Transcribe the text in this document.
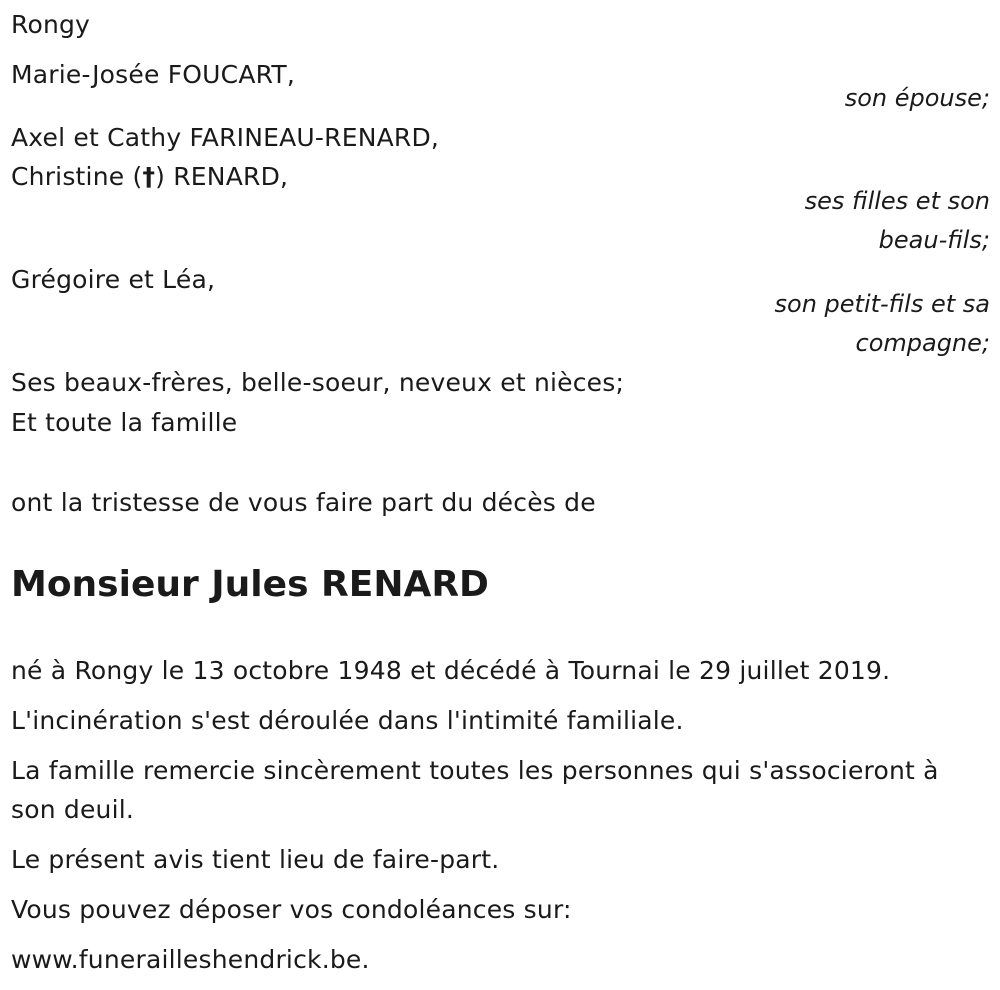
Rongy
Marie-Josée FOUCART,
son épouse;
Axel et Cathy FARINEAU-RENARD,
Christine (†) RENARD,
ses filles et son
beau-fils;
Grégoire et Léa,
son petit-fils et sa
compagne;
Ses beaux-frères, belle-soeur, neveux et nièces;
Et toute la famille
ont la tristesse de vous faire part du décès de
Monsieur Jules RENARD
né à Rongy le 13 octobre 1948 et décédé à Tournai le 29 juillet 2019.
L'incinération s'est déroulée dans l'intimité familiale.
La famille remercie sincèrement toutes les personnes qui s'associeront à
son deuil.
Le présent avis tient lieu de faire-part.
Vous pouvez déposer vos condoléances sur:
www.funerailleshendrick.be.
